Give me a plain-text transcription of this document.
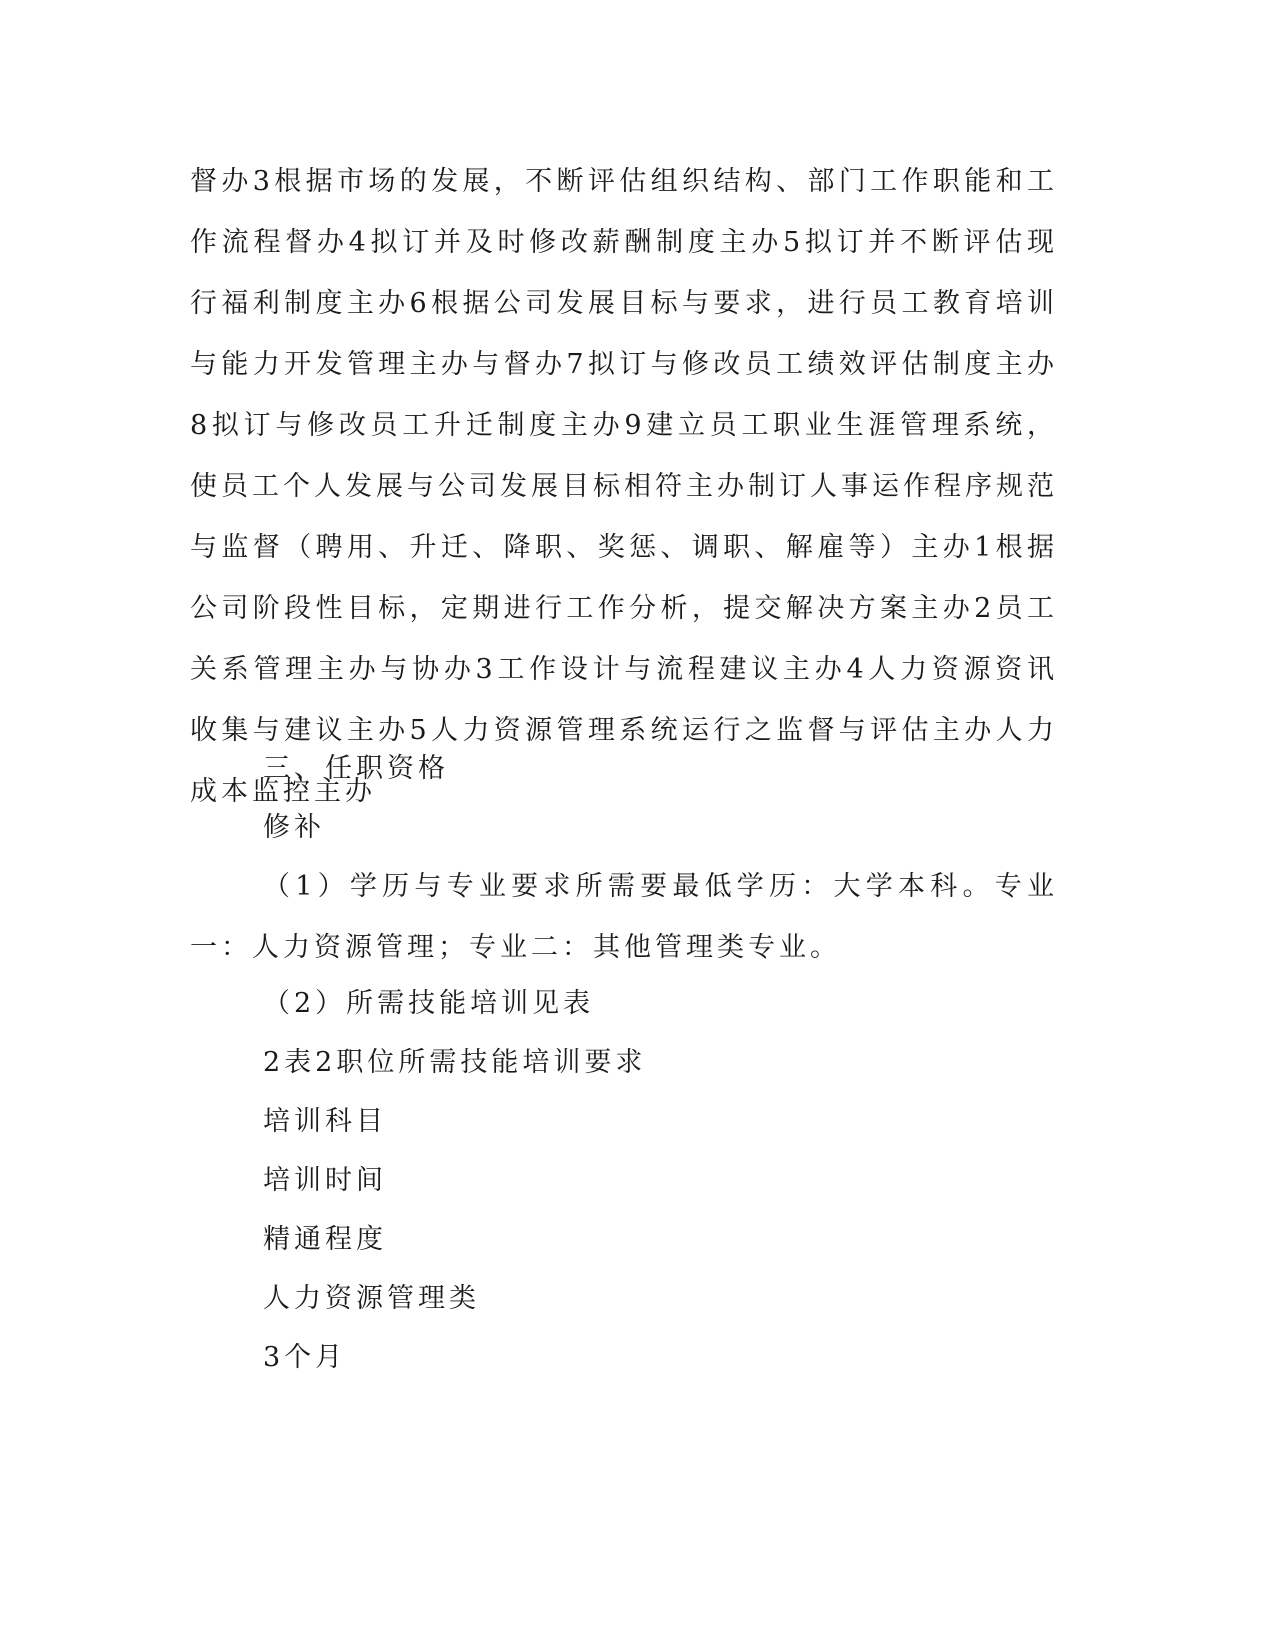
督办3根据市场的发展，不断评估组织结构、部门工作职能和工作流程督办4拟订并及时修改薪酬制度主办5拟订并不断评估现行福利制度主办6根据公司发展目标与要求，进行员工教育培训与能力开发管理主办与督办7拟订与修改员工绩效评估制度主办8拟订与修改员工升迁制度主办9建立员工职业生涯管理系统，使员工个人发展与公司发展目标相符主办制订人事运作程序规范与监督（聘用、升迁、降职、奖惩、调职、解雇等）主办1根据公司阶段性目标，定期进行工作分析，提交解决方案主办2员工关系管理主办与协办3工作设计与流程建议主办4人力资源资讯收集与建议主办5人力资源管理系统运行之监督与评估主办人力成本监控主办

三、任职资格

修补

（1）学历与专业要求所需要最低学历：大学本科。专业一：人力资源管理；专业二：其他管理类专业。

（2）所需技能培训见表

2表2职位所需技能培训要求

培训科目

培训时间

精通程度

人力资源管理类

3个月
